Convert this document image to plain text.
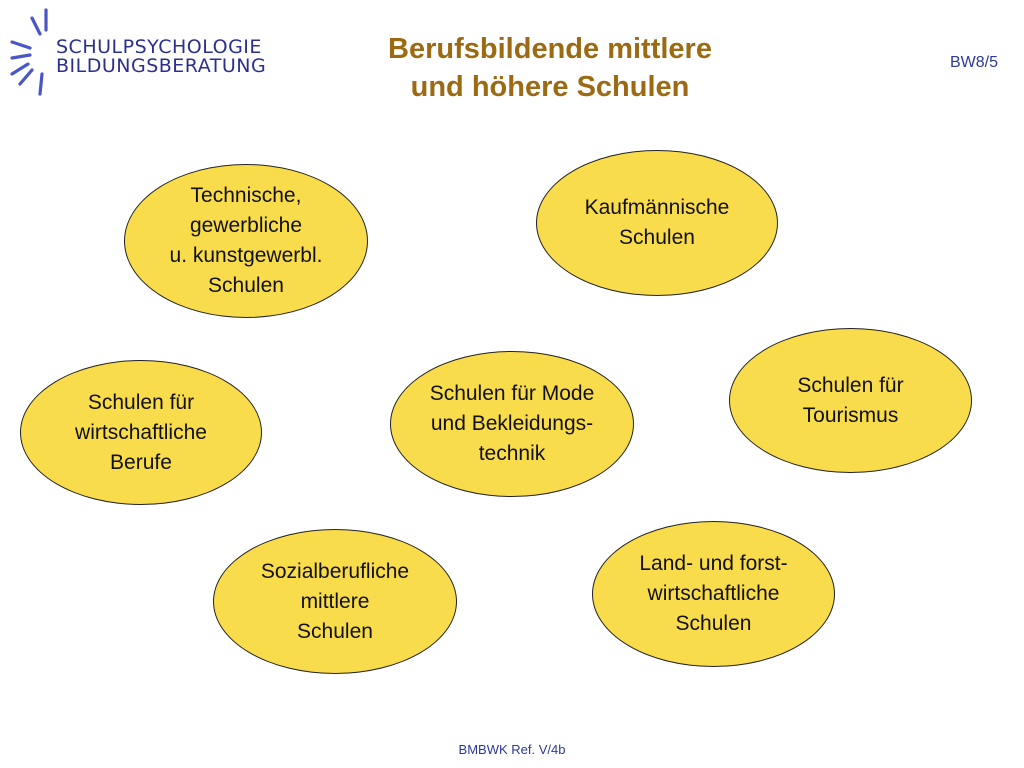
SCHULPSYCHOLOGIE
BILDUNGSBERATUNG
Berufsbildende mittlere
und höhere Schulen
BW8/5
Technische,
gewerbliche
u. kunstgewerbl.
Schulen
Kaufmännische
Schulen
Schulen für
wirtschaftliche
Berufe
Schulen für Mode
und Bekleidungs-
technik
Schulen für
Tourismus
Sozialberufliche
mittlere
Schulen
Land- und forst-
wirtschaftliche
Schulen
BMBWK Ref. V/4b
